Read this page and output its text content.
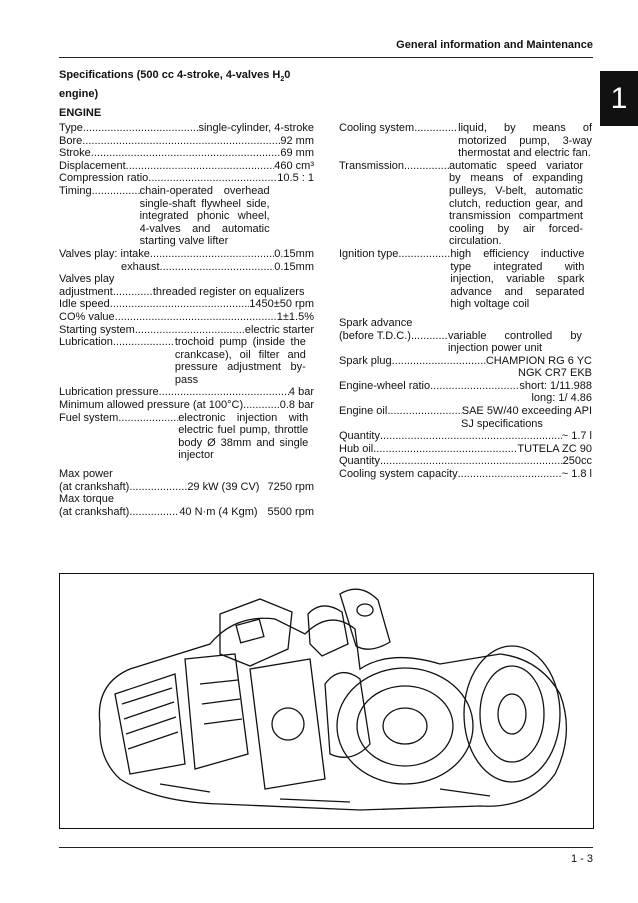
General information and Maintenance
1
Specifications (500 cc 4-stroke, 4-valves $H_20$ engine)
ENGINE
Type .....	single-cylinder, 4-stroke
Bore .....	92 mm
Stroke .....	69 mm
Displacement .....	460 cm³
Compression ratio .....	10.5 : 1
Timing .....	chain-operated overhead single-shaft flywheel side, integrated phonic wheel, 4-valves and automatic starting valve lifter
Valves play: intake .....	0.15mm
exhaust .....	0.15mm
Valves play
adjustment .....	threaded register on equalizers
Idle speed .....	1450±50 rpm
CO% value .....	1±1.5%
Starting system .....	electric starter
Lubrication .....	trochoid pump (inside the crankcase), oil filter and pressure adjustment by-pass
Lubrication pressure .....	4 bar
Minimum allowed pressure (at 100°C) .....	0.8 bar
Fuel system .....	electronic injection with electric fuel pump, throttle body Ø 38mm and single injector
Max power
(at crankshaft) .....	29 kW (39 CV) 7250 rpm
Max torque
(at crankshaft) .....	40 N·m (4 Kgm) 5500 rpm
Cooling system .....	liquid, by means of motorized pump, 3-way thermostat and electric fan.
Transmission .....	automatic speed variator by means of expanding pulleys, V-belt, automatic clutch, reduction gear, and transmission compartment cooling by air forced-circulation.
Ignition type .....	high efficiency inductive type integrated with injection, variable spark advance and separated high voltage coil
Spark advance
(before T.D.C.) .....	variable controlled by injection power unit
Spark plug .....	CHAMPION RG 6 YC
NGK CR7 EKB
Engine-wheel ratio .....	short: 1/11.988
long: 1/ 4.86
Engine oil .....	SAE 5W/40 exceeding API
SJ specifications
Quantity .....	~ 1.7 l
Hub oil .....	TUTELA ZC 90
Quantity .....	250cc
Cooling system capacity .....	~ 1.8 l
1 - 3
